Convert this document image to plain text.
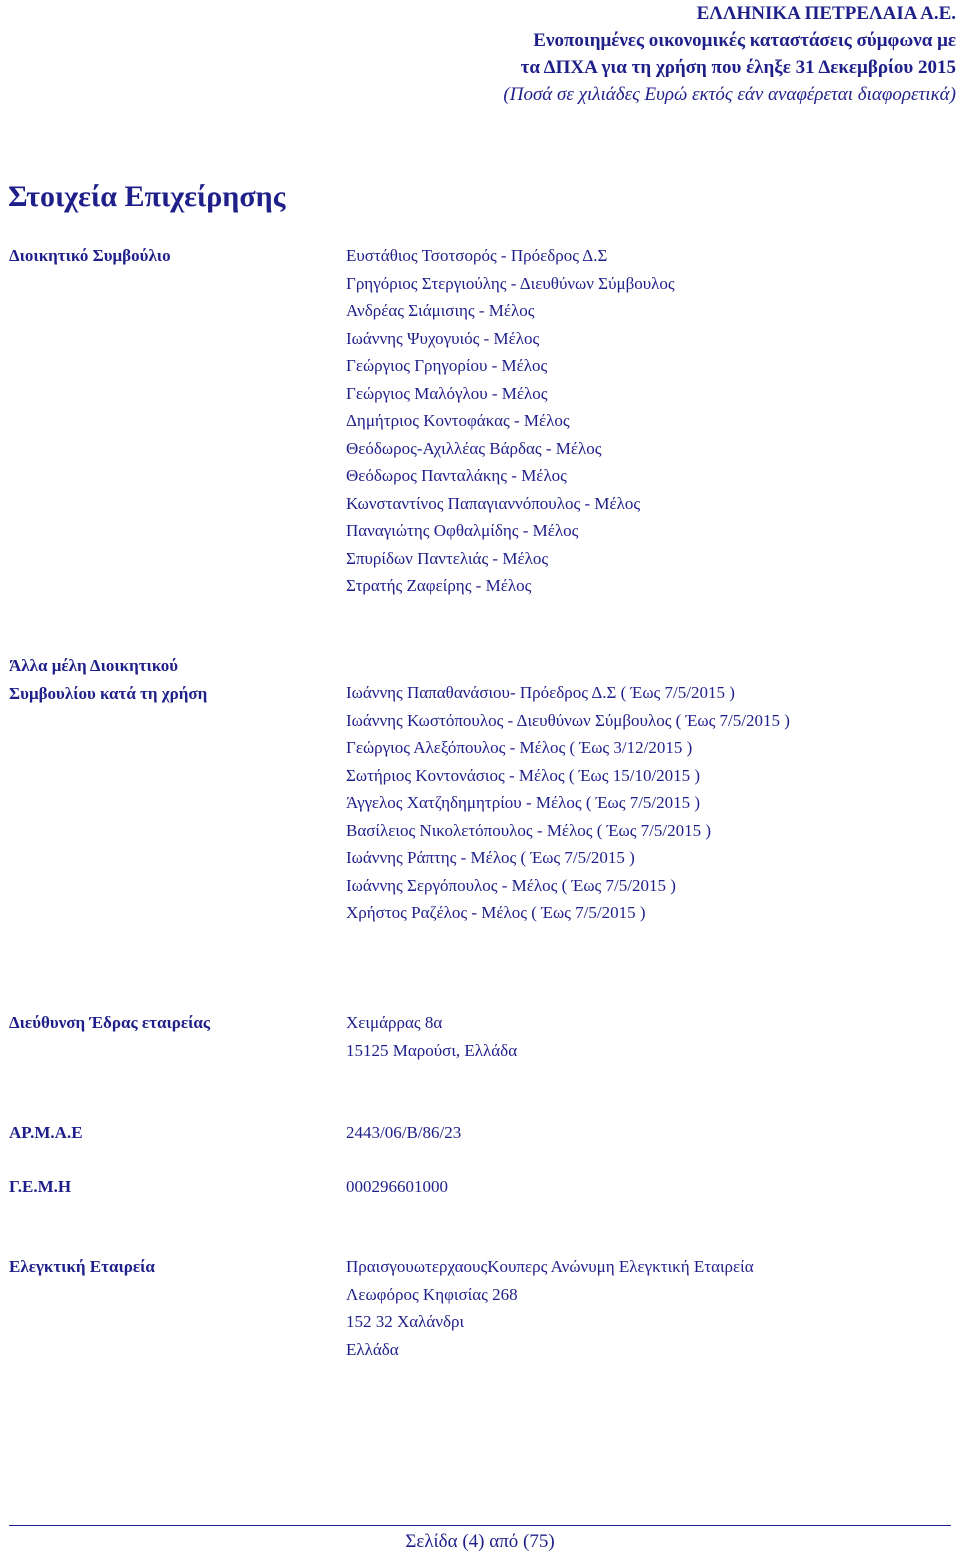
ΕΛΛΗΝΙΚΑ ΠΕΤΡΕΛΑΙΑ Α.Ε.
Ενοποιημένες οικονομικές καταστάσεις σύμφωνα με
τα ΔΠΧΑ για τη χρήση που έληξε 31 Δεκεμβρίου 2015
(Ποσά σε χιλιάδες Ευρώ εκτός εάν αναφέρεται διαφορετικά)
Στοιχεία Επιχείρησης
Διοικητικό Συμβούλιο	Ευστάθιος Τσοτσορός - Πρόεδρος Δ.Σ
Γρηγόριος Στεργιούλης - Διευθύνων Σύμβουλος
Ανδρέας Σιάμισιης - Μέλος
Ιωάννης Ψυχογυιός - Μέλος
Γεώργιος Γρηγορίου - Μέλος
Γεώργιος Μαλόγλου - Μέλος
Δημήτριος Κοντοφάκας - Μέλος
Θεόδωρος-Αχιλλέας Βάρδας - Μέλος
Θεόδωρος Πανταλάκης - Μέλος
Κωνσταντίνος Παπαγιαννόπουλος - Μέλος
Παναγιώτης Οφθαλμίδης - Μέλος
Σπυρίδων Παντελιάς - Μέλος
Στρατής Ζαφείρης - Μέλος
Άλλα μέλη Διοικητικού
Συμβουλίου κατά τη χρήση	Ιωάννης Παπαθανάσιου- Πρόεδρος Δ.Σ ( Έως 7/5/2015 )
Ιωάννης Κωστόπουλος - Διευθύνων Σύμβουλος ( Έως 7/5/2015 )
Γεώργιος Αλεξόπουλος - Μέλος ( Έως 3/12/2015 )
Σωτήριος Κοντονάσιος - Μέλος ( Έως 15/10/2015 )
Άγγελος Χατζηδημητρίου - Μέλος ( Έως 7/5/2015 )
Βασίλειος Νικολετόπουλος - Μέλος ( Έως 7/5/2015 )
Ιωάννης Ράπτης - Μέλος ( Έως 7/5/2015 )
Ιωάννης Σεργόπουλος - Μέλος ( Έως 7/5/2015 )
Χρήστος Ραζέλος - Μέλος ( Έως 7/5/2015 )
Διεύθυνση Έδρας εταιρείας	Χειμάρρας 8α
15125 Μαρούσι, Ελλάδα
ΑΡ.Μ.Α.Ε	2443/06/Β/86/23
Γ.Ε.Μ.Η	000296601000
Ελεγκτική Εταιρεία	ΠραισγουωτερχαουςΚουπερς Ανώνυμη Ελεγκτική Εταιρεία
Λεωφόρος Κηφισίας 268
152 32 Χαλάνδρι
Ελλάδα
Σελίδα (4) από (75)
